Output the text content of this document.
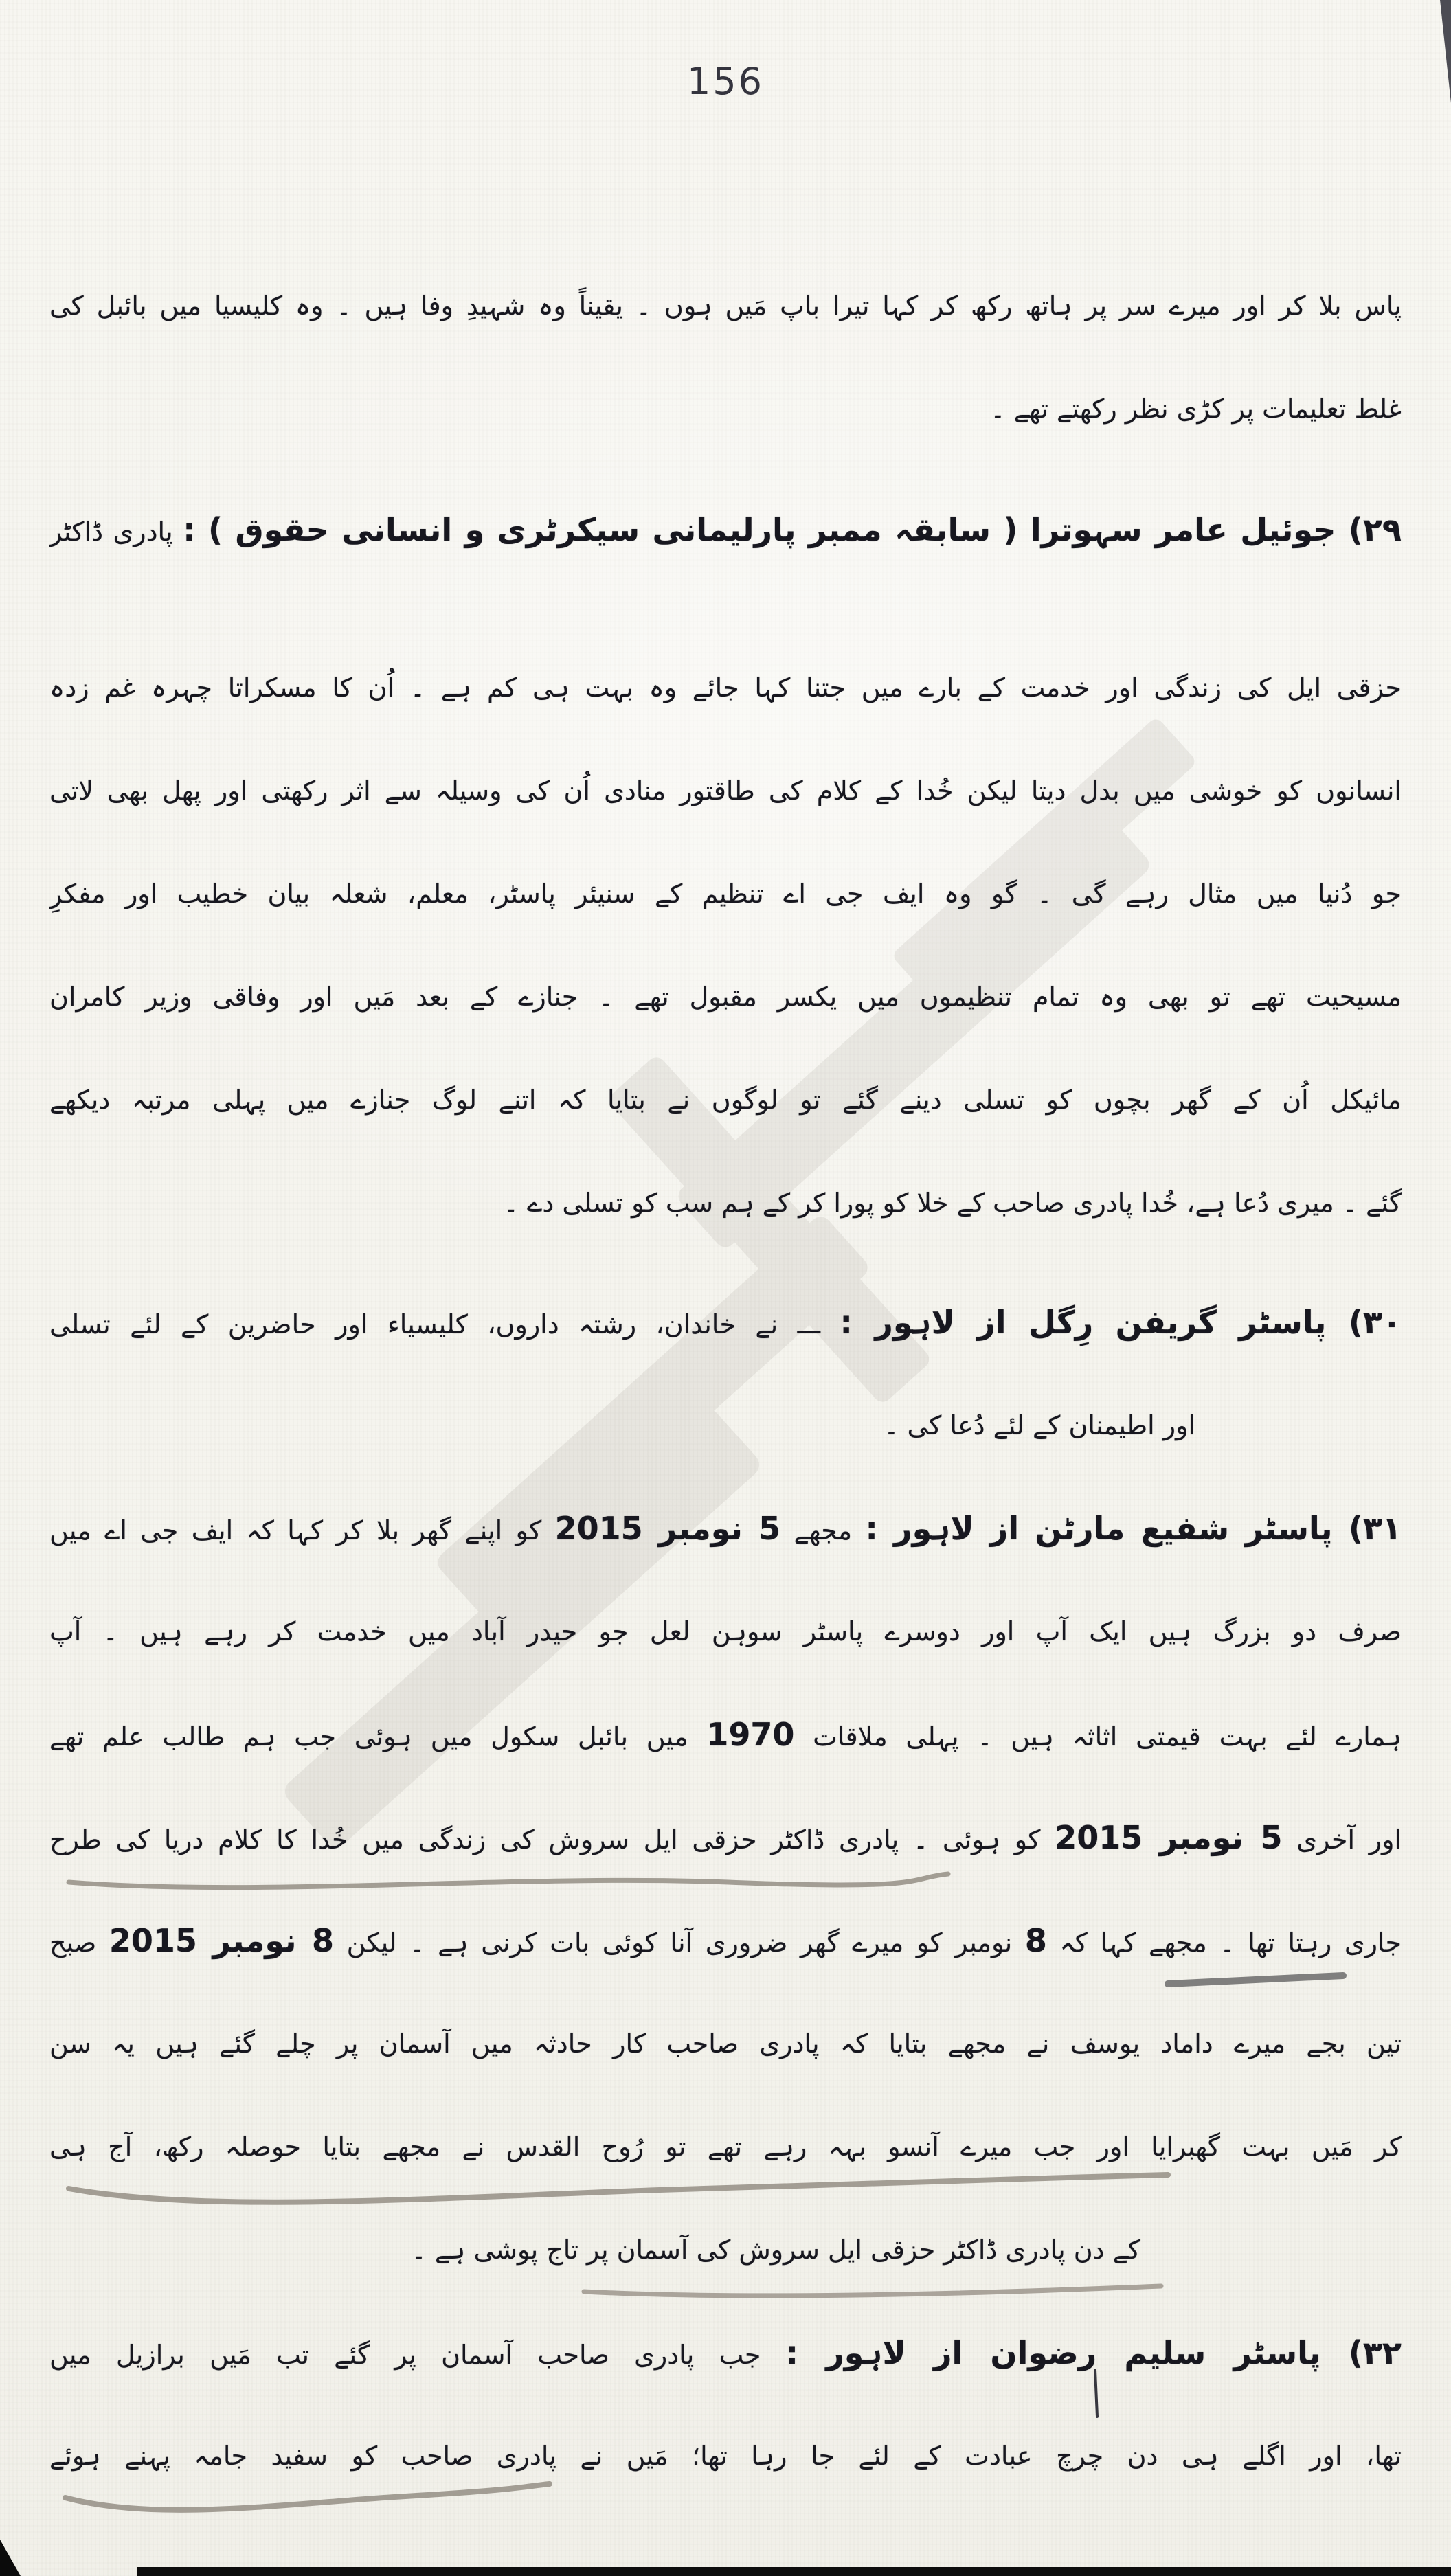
156
پاس بلا کر اور میرے سر پر ہاتھ رکھ کر کہا تیرا باپ مَیں ہوں ۔ یقیناً وہ شہیدِ وفا ہیں ۔ وہ کلیسیا میں بائبل کی
غلط تعلیمات پر کڑی نظر رکھتے تھے ۔
۲۹) جوئیل عامر سہوترا ( سابقہ ممبر پارلیمانی سیکرٹری و انسانی حقوق ) : پادری ڈاکٹر
حزقی ایل کی زندگی اور خدمت کے بارے میں جتنا کہا جائے وہ بہت ہی کم ہے ۔ اُن کا مسکراتا چہرہ غم زدہ
انسانوں کو خوشی میں بدل دیتا لیکن خُدا کے کلام کی طاقتور منادی اُن کی وسیلہ سے اثر رکھتی اور پھل بھی لاتی
جو دُنیا میں مثال رہے گی ۔ گو وہ ایف جی اے تنظیم کے سنیئر پاسٹر، معلم، شعلہ بیان خطیب اور مفکرِ
مسیحیت تھے تو بھی وہ تمام تنظیموں میں یکسر مقبول تھے ۔ جنازے کے بعد مَیں اور وفاقی وزیر کامران
مائیکل اُن کے گھر بچوں کو تسلی دینے گئے تو لوگوں نے بتایا کہ اتنے لوگ جنازے میں پہلی مرتبہ دیکھے
گئے ۔ میری دُعا ہے، خُدا پادری صاحب کے خلا کو پورا کر کے ہم سب کو تسلی دے ۔
۳۰) پاسٹر گریفن رِگل از لاہور : ـــ نے خاندان، رشتہ داروں، کلیسیاء اور حاضرین کے لئے تسلی
اور اطیمنان کے لئے دُعا کی ۔
۳۱) پاسٹر شفیع مارٹن از لاہور : مجھے 5 نومبر 2015 کو اپنے گھر بلا کر کہا کہ ایف جی اے میں
صرف دو بزرگ ہیں ایک آپ اور دوسرے پاسٹر سوہن لعل جو حیدر آباد میں خدمت کر رہے ہیں ۔ آپ
ہمارے لئے بہت قیمتی اثاثہ ہیں ۔ پہلی ملاقات 1970 میں بائبل سکول میں ہوئی جب ہم طالب علم تھے
اور آخری 5 نومبر 2015 کو ہوئی ۔ پادری ڈاکٹر حزقی ایل سروش کی زندگی میں خُدا کا کلام دریا کی طرح
جاری رہتا تھا ۔ مجھے کہا کہ 8 نومبر کو میرے گھر ضروری آنا کوئی بات کرنی ہے ۔ لیکن 8 نومبر 2015 صبح
تین بجے میرے داماد یوسف نے مجھے بتایا کہ پادری صاحب کار حادثہ میں آسمان پر چلے گئے ہیں یہ سن
کر مَیں بہت گھبرایا اور جب میرے آنسو بہہ رہے تھے تو رُوح القدس نے مجھے بتایا حوصلہ رکھ، آج ہی
کے دن پادری ڈاکٹر حزقی ایل سروش کی آسمان پر تاج پوشی ہے ۔
۳۲) پاسٹر سلیم رضوان از لاہور : جب پادری صاحب آسمان پر گئے تب مَیں برازیل میں
تھا، اور اگلے ہی دن چرچ عبادت کے لئے جا رہا تھا؛ مَیں نے پادری صاحب کو سفید جامہ پہنے ہوئے
